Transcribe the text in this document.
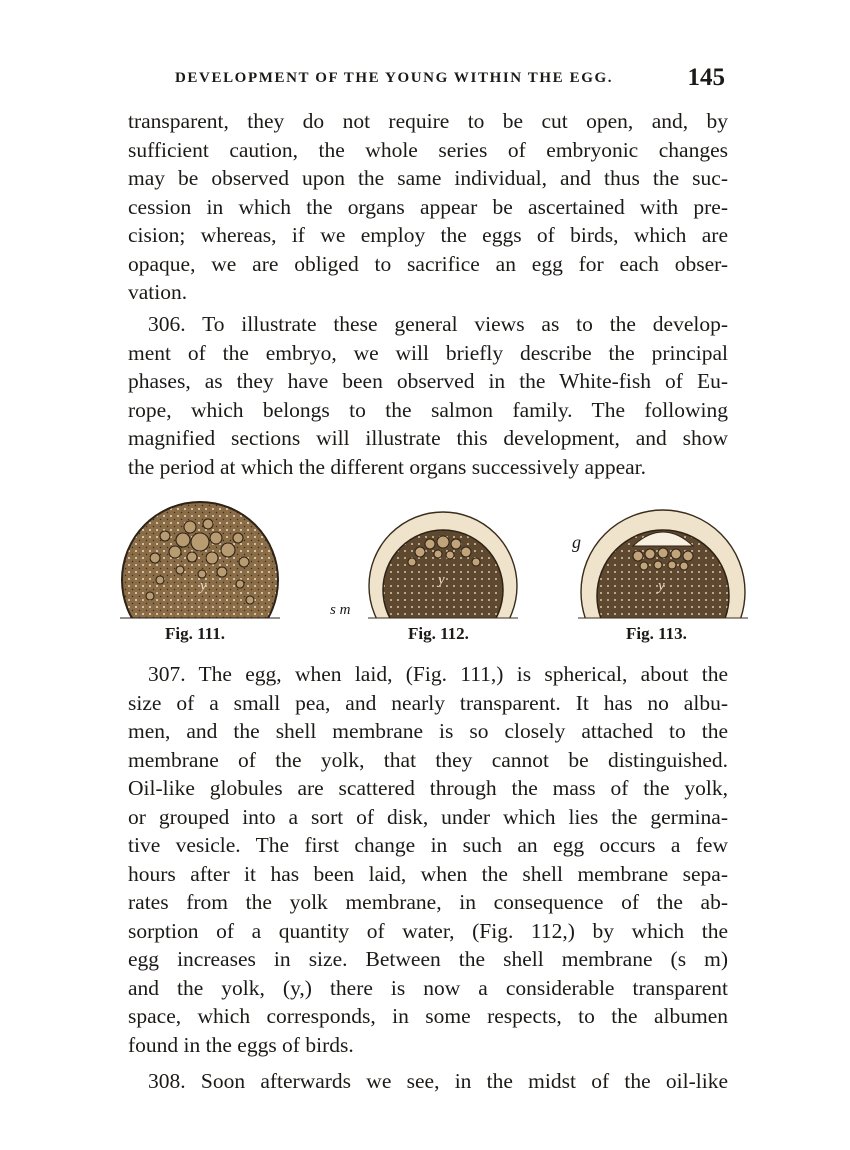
DEVELOPMENT OF THE YOUNG WITHIN THE EGG.	145
transparent, they do not require to be cut open, and, by
sufficient caution, the whole series of embryonic changes
may be observed upon the same individual, and thus the suc-
cession in which the organs appear be ascertained with pre-
cision; whereas, if we employ the eggs of birds, which are
opaque, we are obliged to sacrifice an egg for each obser-
vation.
306. To illustrate these general views as to the develop-
ment of the embryo, we will briefly describe the principal
phases, as they have been observed in the White-fish of Eu-
rope, which belongs to the salmon family. The following
magnified sections will illustrate this development, and show
the period at which the different organs successively appear.
y
Fig. 111.
y
s m
Fig. 112.
y
g
Fig. 113.
307. The egg, when laid, (Fig. 111,) is spherical, about the
size of a small pea, and nearly transparent. It has no albu-
men, and the shell membrane is so closely attached to the
membrane of the yolk, that they cannot be distinguished.
Oil-like globules are scattered through the mass of the yolk,
or grouped into a sort of disk, under which lies the germina-
tive vesicle. The first change in such an egg occurs a few
hours after it has been laid, when the shell membrane sepa-
rates from the yolk membrane, in consequence of the ab-
sorption of a quantity of water, (Fig. 112,) by which the
egg increases in size. Between the shell membrane (s m)
and the yolk, (y,) there is now a considerable transparent
space, which corresponds, in some respects, to the albumen
found in the eggs of birds.
308. Soon afterwards we see, in the midst of the oil-like
